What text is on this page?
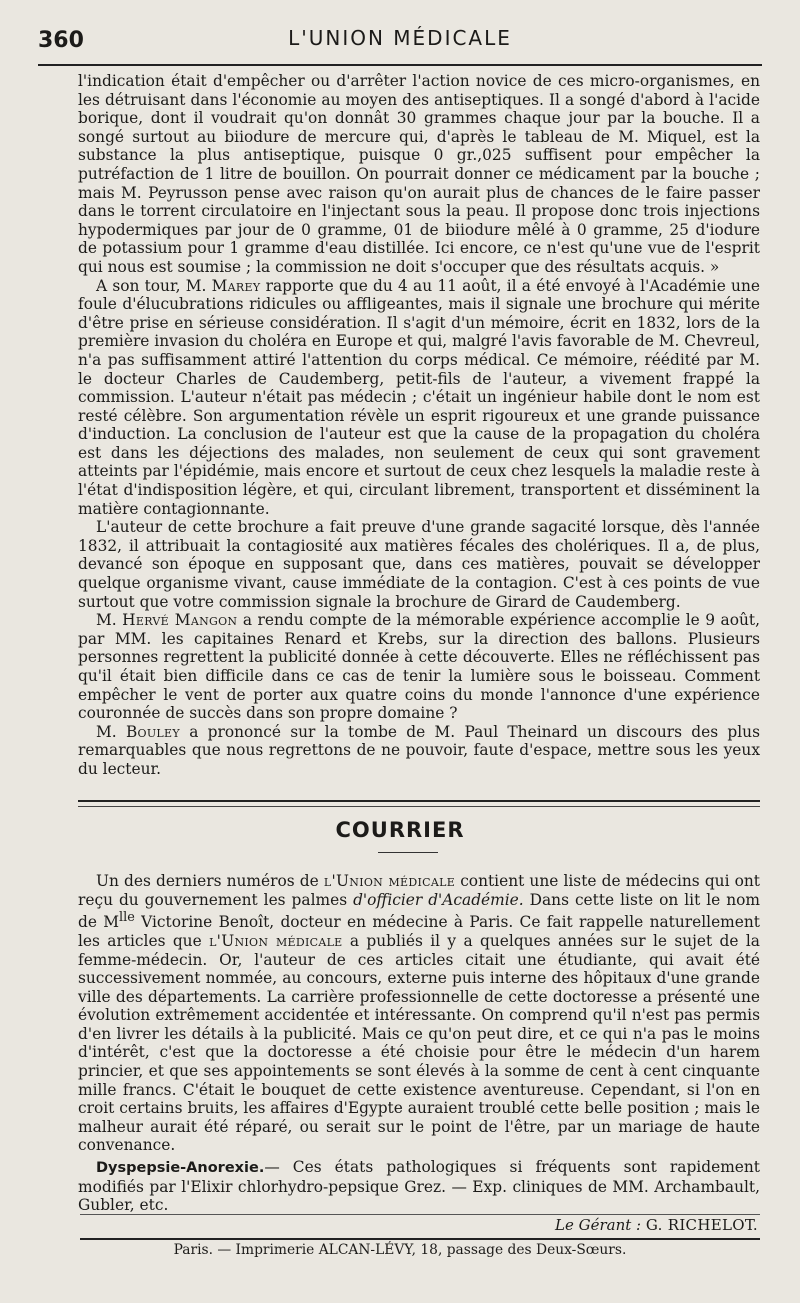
360	L'UNION MÉDICALE

l'indication était d'empêcher ou d'arrêter l'action novice de ces micro-organismes, en les détruisant dans l'économie au moyen des antiseptiques. Il a songé d'abord à l'acide borique, dont il voudrait qu'on donnât 30 grammes chaque jour par la bouche. Il a songé surtout au biiodure de mercure qui, d'après le tableau de M. Miquel, est la substance la plus antiseptique, puisque 0 gr.,025 suffisent pour empêcher la putréfaction de 1 litre de bouillon. On pourrait donner ce médicament par la bouche ; mais M. Peyrusson pense avec raison qu'on aurait plus de chances de le faire passer dans le torrent circulatoire en l'injectant sous la peau. Il propose donc trois injections hypodermiques par jour de 0 gramme, 01 de biiodure mêlé à 0 gramme, 25 d'iodure de potassium pour 1 gramme d'eau distillée. Ici encore, ce n'est qu'une vue de l'esprit qui nous est soumise ; la commission ne doit s'occuper que des résultats acquis. »

A son tour, M. Marey rapporte que du 4 au 11 août, il a été envoyé à l'Académie une foule d'élucubrations ridicules ou affligeantes, mais il signale une brochure qui mérite d'être prise en sérieuse considération. Il s'agit d'un mémoire, écrit en 1832, lors de la première invasion du choléra en Europe et qui, malgré l'avis favorable de M. Chevreul, n'a pas suffisamment attiré l'attention du corps médical. Ce mémoire, réédité par M. le docteur Charles de Caudemberg, petit-fils de l'auteur, a vivement frappé la commission. L'auteur n'était pas médecin ; c'était un ingénieur habile dont le nom est resté célèbre. Son argumentation révèle un esprit rigoureux et une grande puissance d'induction. La conclusion de l'auteur est que la cause de la propagation du choléra est dans les déjections des malades, non seulement de ceux qui sont gravement atteints par l'épidémie, mais encore et surtout de ceux chez lesquels la maladie reste à l'état d'indisposition légère, et qui, circulant librement, transportent et disséminent la matière contagionnante.

L'auteur de cette brochure a fait preuve d'une grande sagacité lorsque, dès l'année 1832, il attribuait la contagiosité aux matières fécales des cholériques. Il a, de plus, devancé son époque en supposant que, dans ces matières, pouvait se développer quelque organisme vivant, cause immédiate de la contagion. C'est à ces points de vue surtout que votre commission signale la brochure de Girard de Caudemberg.

M. Hervé Mangon a rendu compte de la mémorable expérience accomplie le 9 août, par MM. les capitaines Renard et Krebs, sur la direction des ballons. Plusieurs personnes regrettent la publicité donnée à cette découverte. Elles ne réfléchissent pas qu'il était bien difficile dans ce cas de tenir la lumière sous le boisseau. Comment empêcher le vent de porter aux quatre coins du monde l'annonce d'une expérience couronnée de succès dans son propre domaine ?

M. Bouley a prononcé sur la tombe de M. Paul Theinard un discours des plus remarquables que nous regrettons de ne pouvoir, faute d'espace, mettre sous les yeux du lecteur.

COURRIER

Un des derniers numéros de l'Union médicale contient une liste de médecins qui ont reçu du gouvernement les palmes d'officier d'Académie. Dans cette liste on lit le nom de $M^{lle}$ Victorine Benoît, docteur en médecine à Paris. Ce fait rappelle naturellement les articles que l'Union médicale a publiés il y a quelques années sur le sujet de la femme-médecin. Or, l'auteur de ces articles citait une étudiante, qui avait été successivement nommée, au concours, externe puis interne des hôpitaux d'une grande ville des départements. La carrière professionnelle de cette doctoresse a présenté une évolution extrêmement accidentée et intéressante. On comprend qu'il n'est pas permis d'en livrer les détails à la publicité. Mais ce qu'on peut dire, et ce qui n'a pas le moins d'intérêt, c'est que la doctoresse a été choisie pour être le médecin d'un harem princier, et que ses appointements se sont élevés à la somme de cent à cent cinquante mille francs. C'était le bouquet de cette existence aventureuse. Cependant, si l'on en croit certains bruits, les affaires d'Egypte auraient troublé cette belle position ; mais le malheur aurait été réparé, ou serait sur le point de l'être, par un mariage de haute convenance.

Dyspepsie-Anorexie.— Ces états pathologiques si fréquents sont rapidement modifiés par l'Elixir chlorhydro-pepsique Grez. — Exp. cliniques de MM. Archambault, Gubler, etc.

Le Gérant : G. RICHELOT.
Paris. — Imprimerie ALCAN-LÉVY, 18, passage des Deux-Sœurs.
